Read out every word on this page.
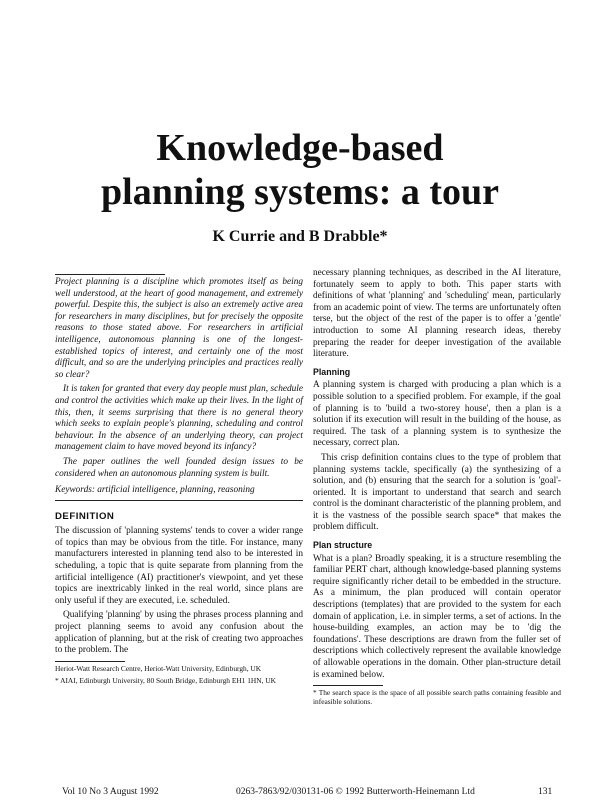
Knowledge-based
planning systems: a tour
K Currie and B Drabble*

Project planning is a discipline which promotes itself as being well understood, at the heart of good management, and extremely powerful. Despite this, the subject is also an extremely active area for researchers in many disciplines, but for precisely the opposite reasons to those stated above. For researchers in artificial intelligence, autonomous planning is one of the longest-established topics of interest, and certainly one of the most difficult, and so are the underlying principles and practices really so clear?

It is taken for granted that every day people must plan, schedule and control the activities which make up their lives. In the light of this, then, it seems surprising that there is no general theory which seeks to explain people's planning, scheduling and control behaviour. In the absence of an underlying theory, can project management claim to have moved beyond its infancy?

The paper outlines the well founded design issues to be considered when an autonomous planning system is built.

Keywords: artificial intelligence, planning, reasoning
DEFINITION

The discussion of 'planning systems' tends to cover a wider range of topics than may be obvious from the title. For instance, many manufacturers interested in planning tend also to be interested in scheduling, a topic that is quite separate from planning from the artificial intelligence (AI) practitioner's viewpoint, and yet these topics are inextricably linked in the real world, since plans are only useful if they are executed, i.e. scheduled.

Qualifying 'planning' by using the phrases process planning and project planning seems to avoid any confusion about the application of planning, but at the risk of creating two approaches to the problem. The

Heriot-Watt Research Centre, Heriot-Watt University, Edinburgh, UK

* AIAI, Edinburgh University, 80 South Bridge, Edinburgh EH1 1HN, UK

necessary planning techniques, as described in the AI literature, fortunately seem to apply to both. This paper starts with definitions of what 'planning' and 'scheduling' mean, particularly from an academic point of view. The terms are unfortunately often terse, but the object of the rest of the paper is to offer a 'gentle' introduction to some AI planning research ideas, thereby preparing the reader for deeper investigation of the available literature.

Planning

A planning system is charged with producing a plan which is a possible solution to a specified problem. For example, if the goal of planning is to 'build a two-storey house', then a plan is a solution if its execution will result in the building of the house, as required. The task of a planning system is to synthesize the necessary, correct plan.

This crisp definition contains clues to the type of problem that planning systems tackle, specifically (a) the synthesizing of a solution, and (b) ensuring that the search for a solution is 'goal'-oriented. It is important to understand that search and search control is the dominant characteristic of the planning problem, and it is the vastness of the possible search space* that makes the problem difficult.

Plan structure

What is a plan? Broadly speaking, it is a structure resembling the familiar PERT chart, although knowledge-based planning systems require significantly richer detail to be embedded in the structure. As a minimum, the plan produced will contain operator descriptions (templates) that are provided to the system for each domain of application, i.e. in simpler terms, a set of actions. In the house-building examples, an action may be to 'dig the foundations'. These descriptions are drawn from the fuller set of descriptions which collectively represent the available knowledge of allowable operations in the domain. Other plan-structure detail is examined below.

* The search space is the space of all possible search paths containing feasible and infeasible solutions.

Vol 10 No 3 August 1992	0263-7863/92/030131-06 © 1992 Butterworth-Heinemann Ltd	131
